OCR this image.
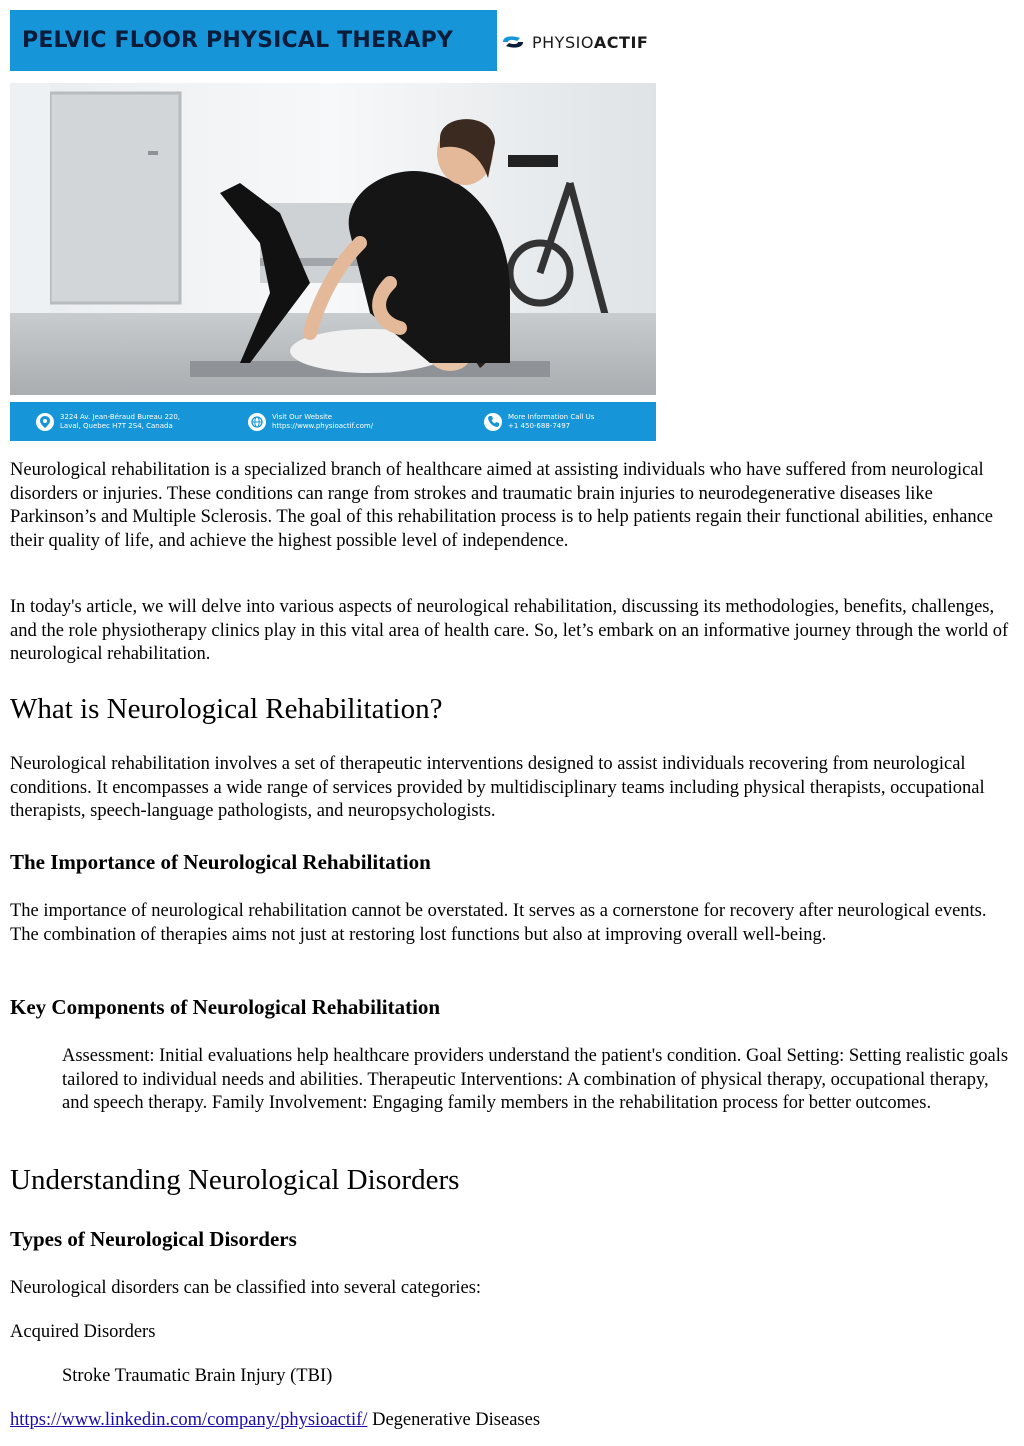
PELVIC FLOOR PHYSICAL THERAPY	PHYSIOACTIF
3224 Av. Jean-Béraud Bureau 220,
Laval, Quebec H7T 2S4, Canada
Visit Our Website
https://www.physioactif.com/
More Information Call Us
+1 450-688-7497

Neurological rehabilitation is a specialized branch of healthcare aimed at assisting individuals who have suffered from neurological disorders or injuries. These conditions can range from strokes and traumatic brain injuries to neurodegenerative diseases like Parkinson’s and Multiple Sclerosis. The goal of this rehabilitation process is to help patients regain their functional abilities, enhance their quality of life, and achieve the highest possible level of independence.

In today's article, we will delve into various aspects of neurological rehabilitation, discussing its methodologies, benefits, challenges, and the role physiotherapy clinics play in this vital area of health care. So, let’s embark on an informative journey through the world of neurological rehabilitation.

What is Neurological Rehabilitation?

Neurological rehabilitation involves a set of therapeutic interventions designed to assist individuals recovering from neurological conditions. It encompasses a wide range of services provided by multidisciplinary teams including physical therapists, occupational therapists, speech-language pathologists, and neuropsychologists.

The Importance of Neurological Rehabilitation

The importance of neurological rehabilitation cannot be overstated. It serves as a cornerstone for recovery after neurological events. The combination of therapies aims not just at restoring lost functions but also at improving overall well-being.

Key Components of Neurological Rehabilitation

Assessment: Initial evaluations help healthcare providers understand the patient's condition. Goal Setting: Setting realistic goals tailored to individual needs and abilities. Therapeutic Interventions: A combination of physical therapy, occupational therapy, and speech therapy. Family Involvement: Engaging family members in the rehabilitation process for better outcomes.

Understanding Neurological Disorders
Types of Neurological Disorders

Neurological disorders can be classified into several categories:

Acquired Disorders

Stroke Traumatic Brain Injury (TBI)

https://www.linkedin.com/company/physioactif/ Degenerative Diseases
